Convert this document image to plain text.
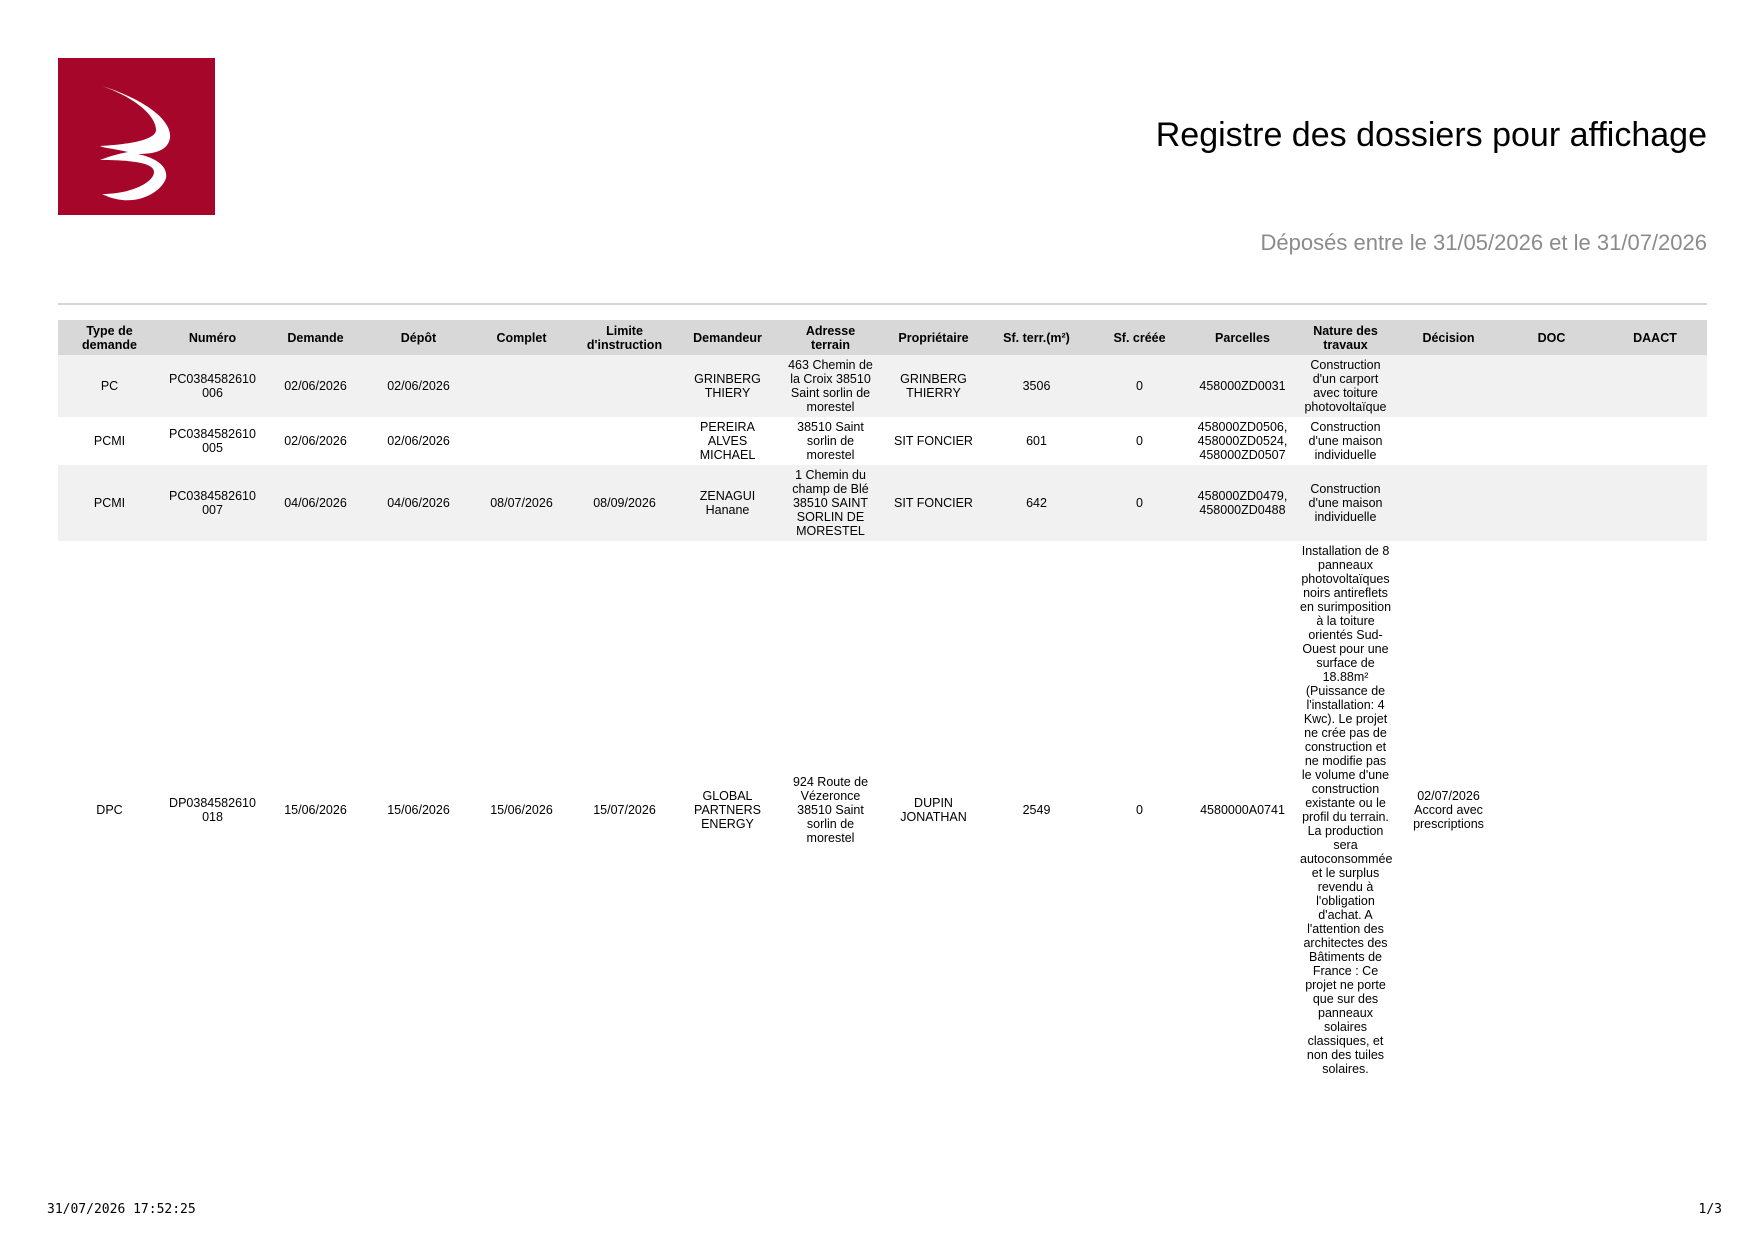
Registre des dossiers pour affichage
Déposés entre le 31/05/2026 et le 31/07/2026
Type de demande	Numéro	Demande	Dépôt	Complet	Limite d'instruction	Demandeur	Adresse terrain	Propriétaire	Sf. terr.(m²)	Sf. créée	Parcelles	Nature des travaux	Décision	DOC	DAACT
PC	PC0384582610006	02/06/2026	02/06/2026			GRINBERG THIERY	463 Chemin de la Croix 38510 Saint sorlin de morestel	GRINBERG THIERRY	3506	0	458000ZD0031	Construction d'un carport avec toiture photovoltaïque			
PCMI	PC0384582610005	02/06/2026	02/06/2026			PEREIRA ALVES MICHAEL	38510 Saint sorlin de morestel	SIT FONCIER	601	0	458000ZD0506, 458000ZD0524, 458000ZD0507	Construction d'une maison individuelle			
PCMI	PC0384582610007	04/06/2026	04/06/2026	08/07/2026	08/09/2026	ZENAGUI Hanane	1 Chemin du champ de Blé 38510 SAINT SORLIN DE MORESTEL	SIT FONCIER	642	0	458000ZD0479, 458000ZD0488	Construction d'une maison individuelle			
DPC	DP0384582610018	15/06/2026	15/06/2026	15/06/2026	15/07/2026	GLOBAL PARTNERS ENERGY	924 Route de Vézeronce 38510 Saint sorlin de morestel	DUPIN JONATHAN	2549	0	4580000A0741	Installation de 8 panneaux photovoltaïques noirs antireflets en surimposition à la toiture orientés Sud-Ouest pour une surface de 18.88m² (Puissance de l'installation: 4 Kwc). Le projet ne crée pas de construction et ne modifie pas le volume d'une construction existante ou le profil du terrain. La production sera autoconsommée et le surplus revendu à l'obligation d'achat. A l'attention des architectes des Bâtiments de France : Ce projet ne porte que sur des panneaux solaires classiques, et non des tuiles solaires.	02/07/2026 Accord avec prescriptions		
31/07/2026 17:52:25	1/3
